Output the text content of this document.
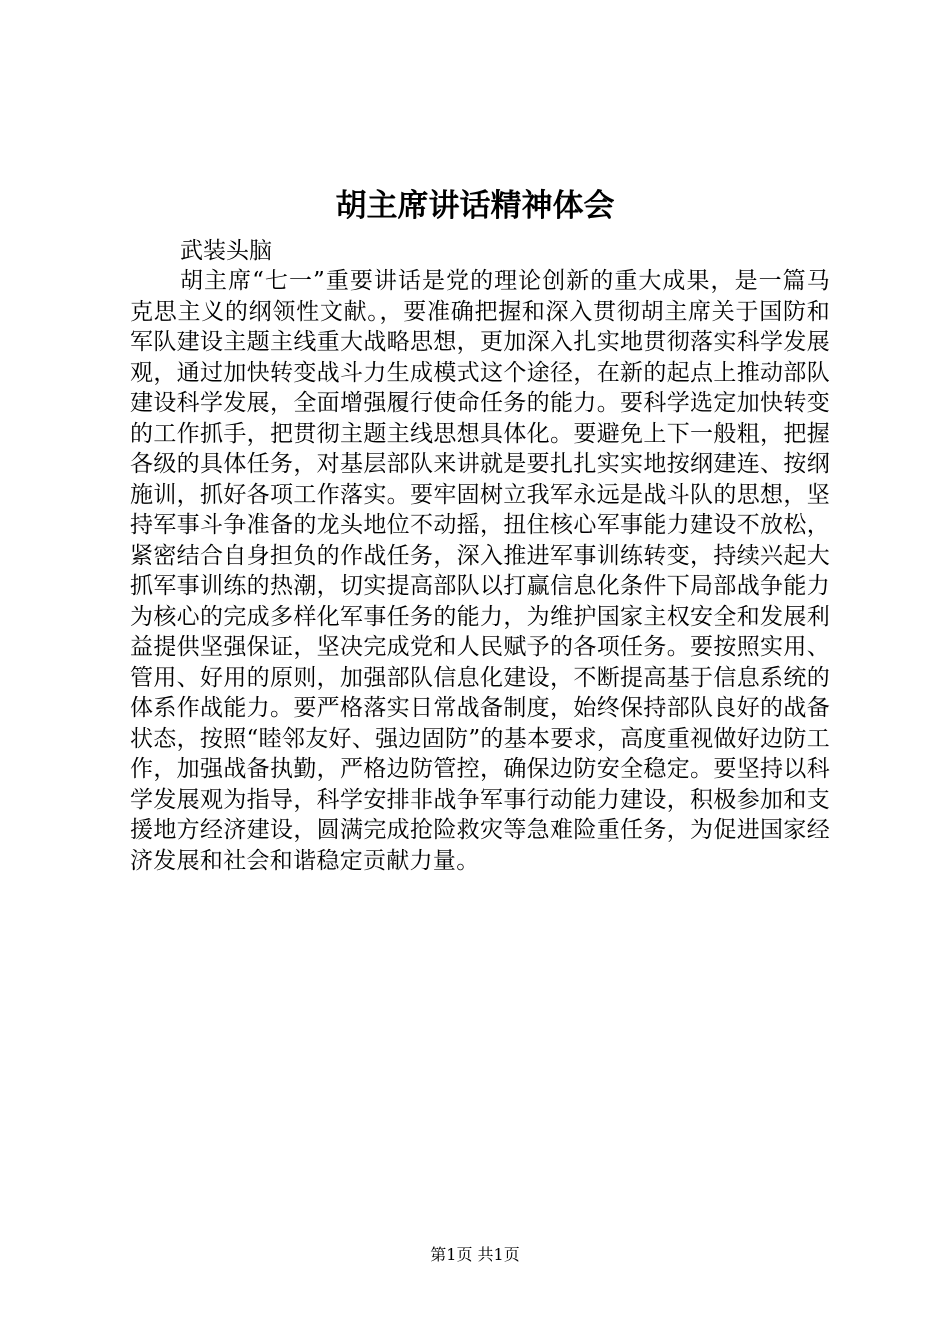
胡主席讲话精神体会

武装头脑

胡主席“七一”重要讲话是党的理论创新的重大成果，是一篇马克思主义的纲领性文献。，要准确把握和深入贯彻胡主席关于国防和军队建设主题主线重大战略思想，更加深入扎实地贯彻落实科学发展观，通过加快转变战斗力生成模式这个途径，在新的起点上推动部队建设科学发展，全面增强履行使命任务的能力。要科学选定加快转变的工作抓手，把贯彻主题主线思想具体化。要避免上下一般粗，把握各级的具体任务，对基层部队来讲就是要扎扎实实地按纲建连、按纲施训，抓好各项工作落实。要牢固树立我军永远是战斗队的思想，坚持军事斗争准备的龙头地位不动摇，扭住核心军事能力建设不放松，紧密结合自身担负的作战任务，深入推进军事训练转变，持续兴起大抓军事训练的热潮，切实提高部队以打赢信息化条件下局部战争能力为核心的完成多样化军事任务的能力，为维护国家主权安全和发展利益提供坚强保证，坚决完成党和人民赋予的各项任务。要按照实用、管用、好用的原则，加强部队信息化建设，不断提高基于信息系统的体系作战能力。要严格落实日常战备制度，始终保持部队良好的战备状态，按照“睦邻友好、强边固防”的基本要求，高度重视做好边防工作，加强战备执勤，严格边防管控，确保边防安全稳定。要坚持以科学发展观为指导，科学安排非战争军事行动能力建设，积极参加和支援地方经济建设，圆满完成抢险救灾等急难险重任务，为促进国家经济发展和社会和谐稳定贡献力量。

第1页 共1页
